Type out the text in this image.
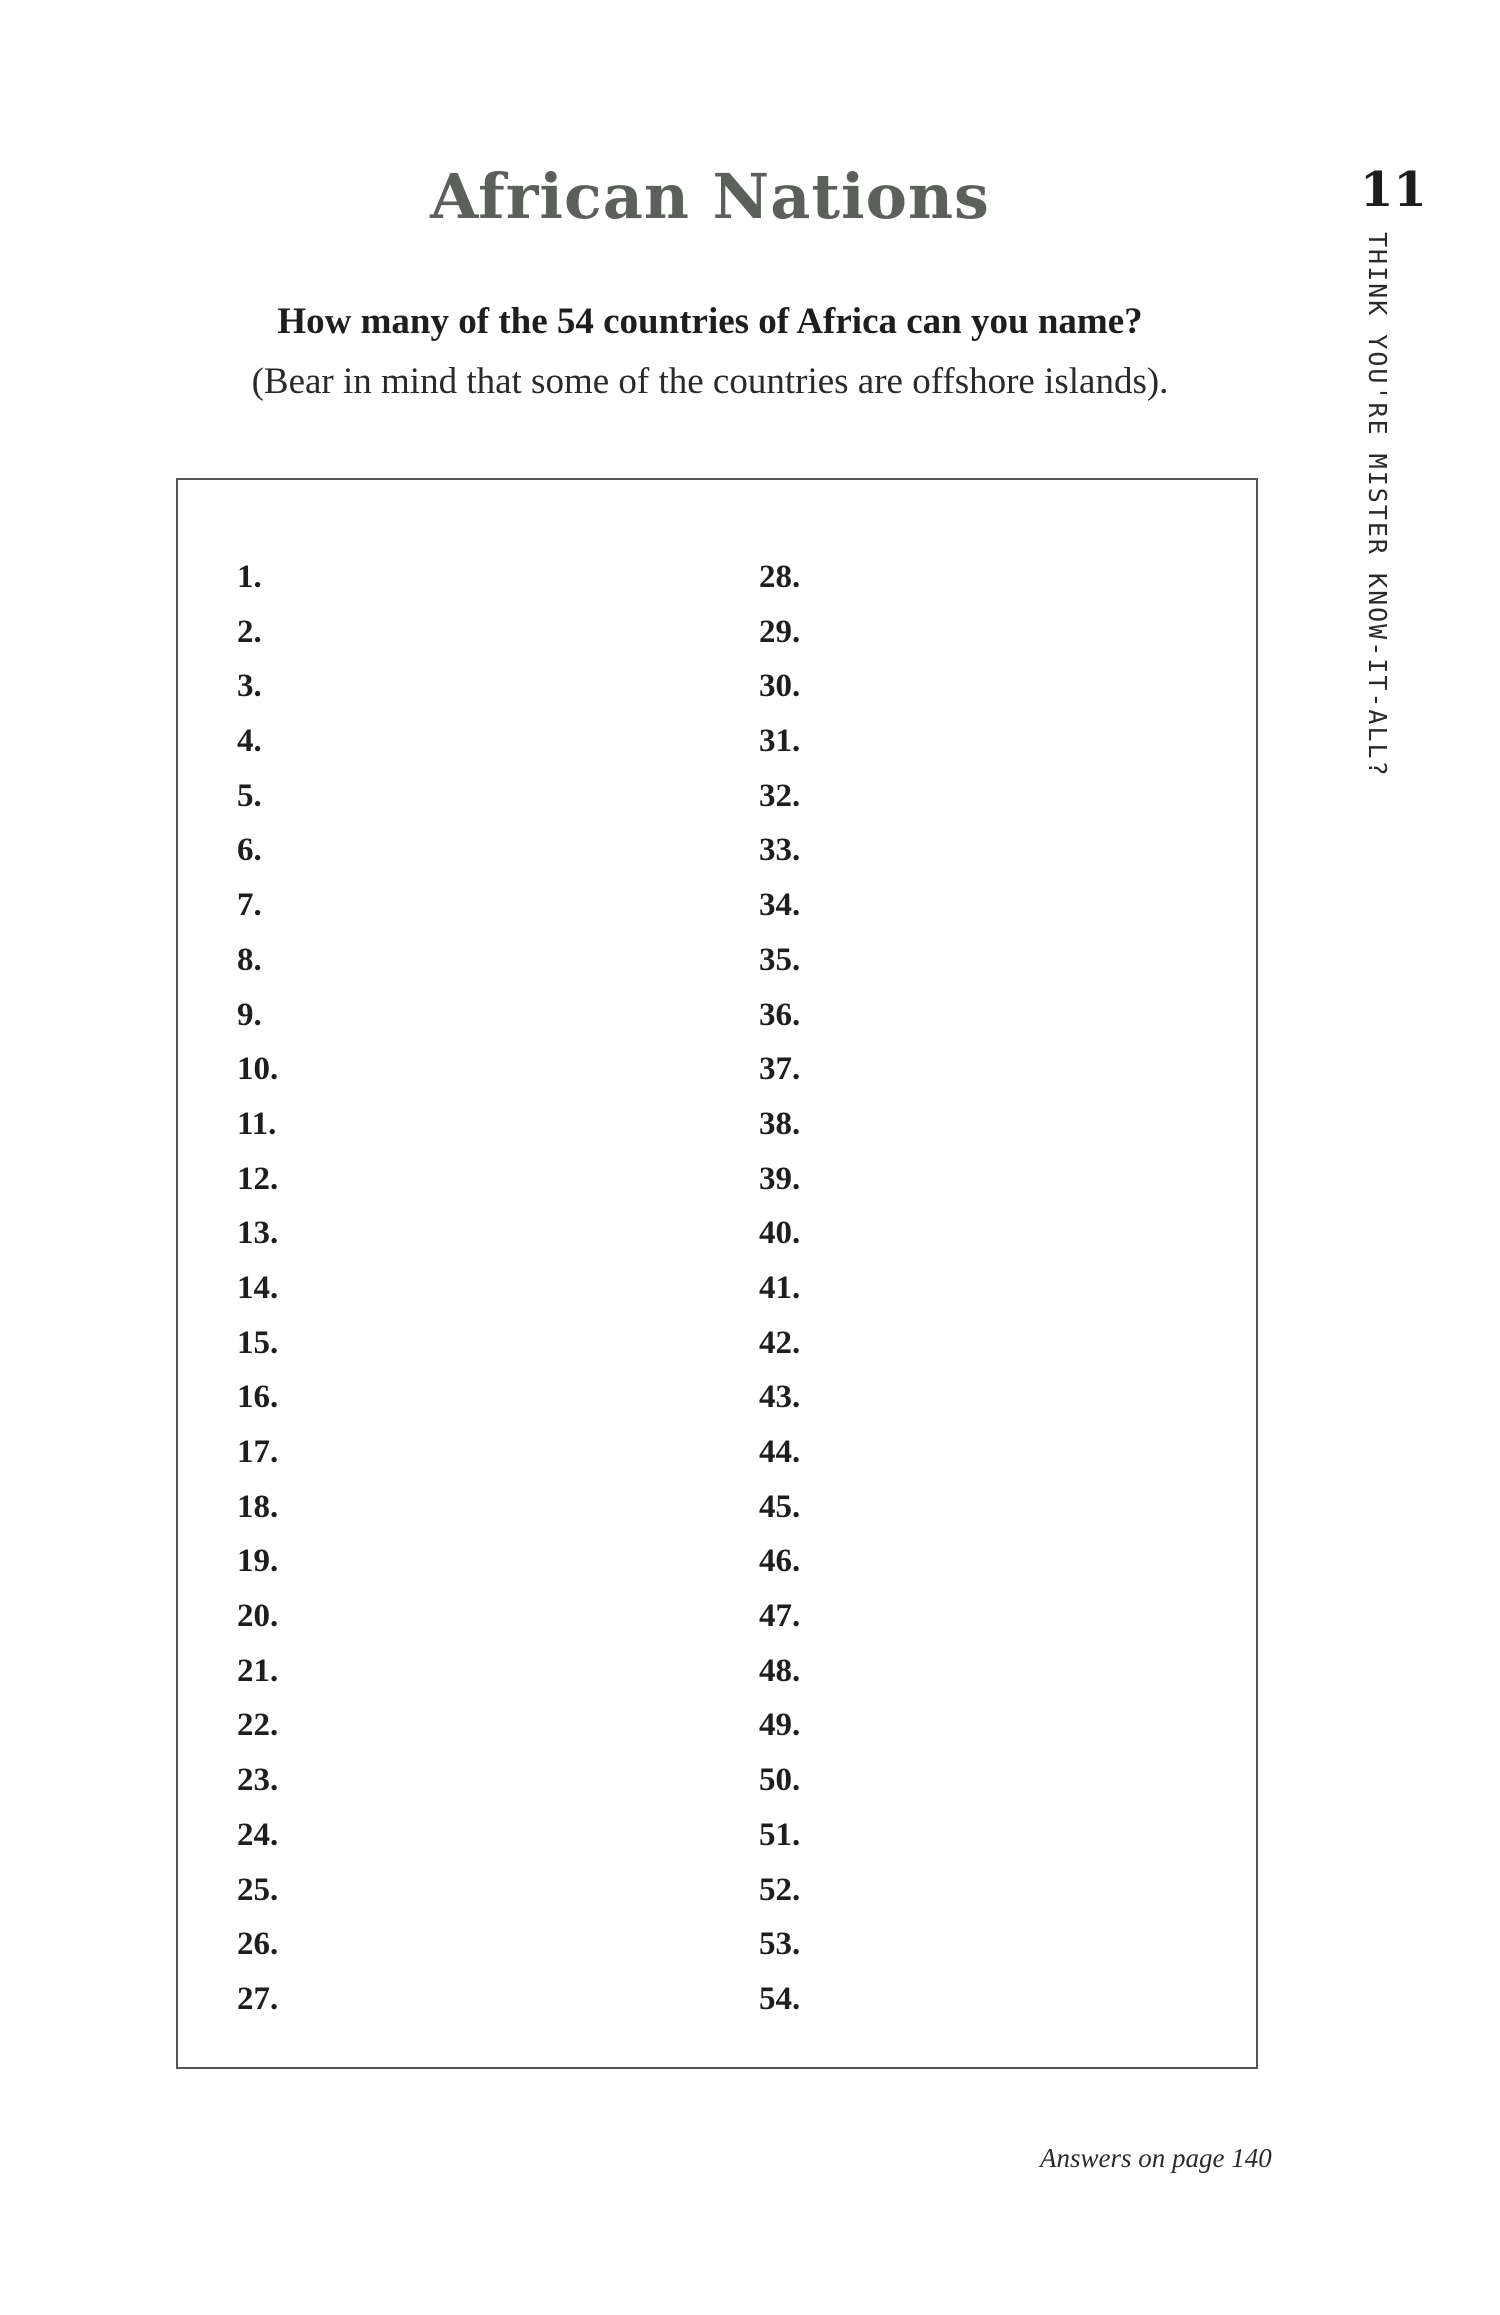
African Nations	11
THINK YOU'RE MISTER KNOW-IT-ALL?
How many of the 54 countries of Africa can you name?
(Bear in mind that some of the countries are offshore islands).
1.
2.
3.
4.
5.
6.
7.
8.
9.
10.
11.
12.
13.
14.
15.
16.
17.
18.
19.
20.
21.
22.
23.
24.
25.
26.
27.
28.
29.
30.
31.
32.
33.
34.
35.
36.
37.
38.
39.
40.
41.
42.
43.
44.
45.
46.
47.
48.
49.
50.
51.
52.
53.
54.
Answers on page 140
